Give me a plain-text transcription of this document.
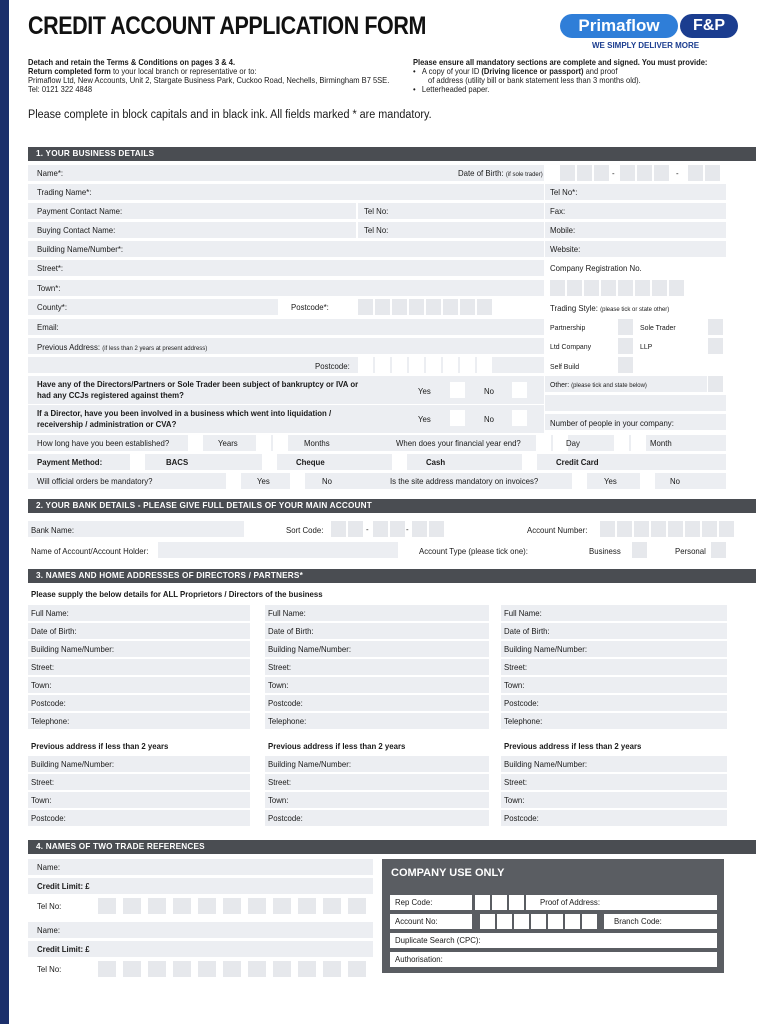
CREDIT ACCOUNT APPLICATION FORM	Primaflow	F&P
WE SIMPLY DELIVER MORE
Detach and retain the Terms & Conditions on pages 3 & 4.
Return completed form to your local branch or representative or to:
Primaflow Ltd, New Accounts, Unit 2, Stargate Business Park, Cuckoo Road, Nechells, Birmingham B7 5SE.
Tel: 0121 322 4848
Please ensure all mandatory sections are complete and signed. You must provide:
•   A copy of your ID (Driving licence or passport) and proof
of address (utility bill or bank statement less than 3 months old).
•   Letterheaded paper.
Please complete in block capitals and in black ink. All fields marked * are mandatory.
1. YOUR BUSINESS DETAILS
Name*:	Date of Birth: (if sole trader)	-	-
Trading Name*:	Tel No*:
Payment Contact Name:	Tel No:	Fax:
Buying Contact Name:	Tel No:	Mobile:
Building Name/Number*:	Website:
Street*:	Company Registration No.
Town*:
County*:	Postcode*:	Trading Style: (please tick or state other)
Email:	Partnership	Sole Trader
Previous Address: (if less than 2 years at present address)	Ltd Company	LLP
Postcode:	Self Build
Have any of the Directors/Partners or Sole Trader been subject of bankruptcy or IVA or
had any CCJs registered against them?	Yes	No
Other: (please tick and state below)
If a Director, have you been involved in a business which went into liquidation /
receivership / administration or CVA?	Yes	No	Number of people in your company:
How long have you been established?	Years	Months	When does your financial year end?	Day	Month
Payment Method:	BACS	Cheque	Cash	Credit Card
Will official orders be mandatory?	Yes	No	Is the site address mandatory on invoices?	Yes	No
2. YOUR BANK DETAILS - PLEASE GIVE FULL DETAILS OF YOUR MAIN ACCOUNT
Bank Name:	Sort Code:	-	-	Account Number:
Name of Account/Account Holder:	Account Type (please tick one):	Business	Personal
3. NAMES AND HOME ADDRESSES OF DIRECTORS / PARTNERS*
Please supply the below details for ALL Proprietors / Directors of the business
Full Name:
Date of Birth:
Building Name/Number:
Street:
Town:
Postcode:
Telephone:
Previous address if less than 2 years
Building Name/Number:
Street:
Town:
Postcode:
Full Name:
Date of Birth:
Building Name/Number:
Street:
Town:
Postcode:
Telephone:
Previous address if less than 2 years
Building Name/Number:
Street:
Town:
Postcode:
Full Name:
Date of Birth:
Building Name/Number:
Street:
Town:
Postcode:
Telephone:
Previous address if less than 2 years
Building Name/Number:
Street:
Town:
Postcode:
4. NAMES OF TWO TRADE REFERENCES
Name:
Credit Limit: £
Tel No:
Name:
Credit Limit: £
Tel No:
COMPANY USE ONLY
Rep Code:	Proof of Address:
Account No:	Branch Code:
Duplicate Search (CPC):
Authorisation:
